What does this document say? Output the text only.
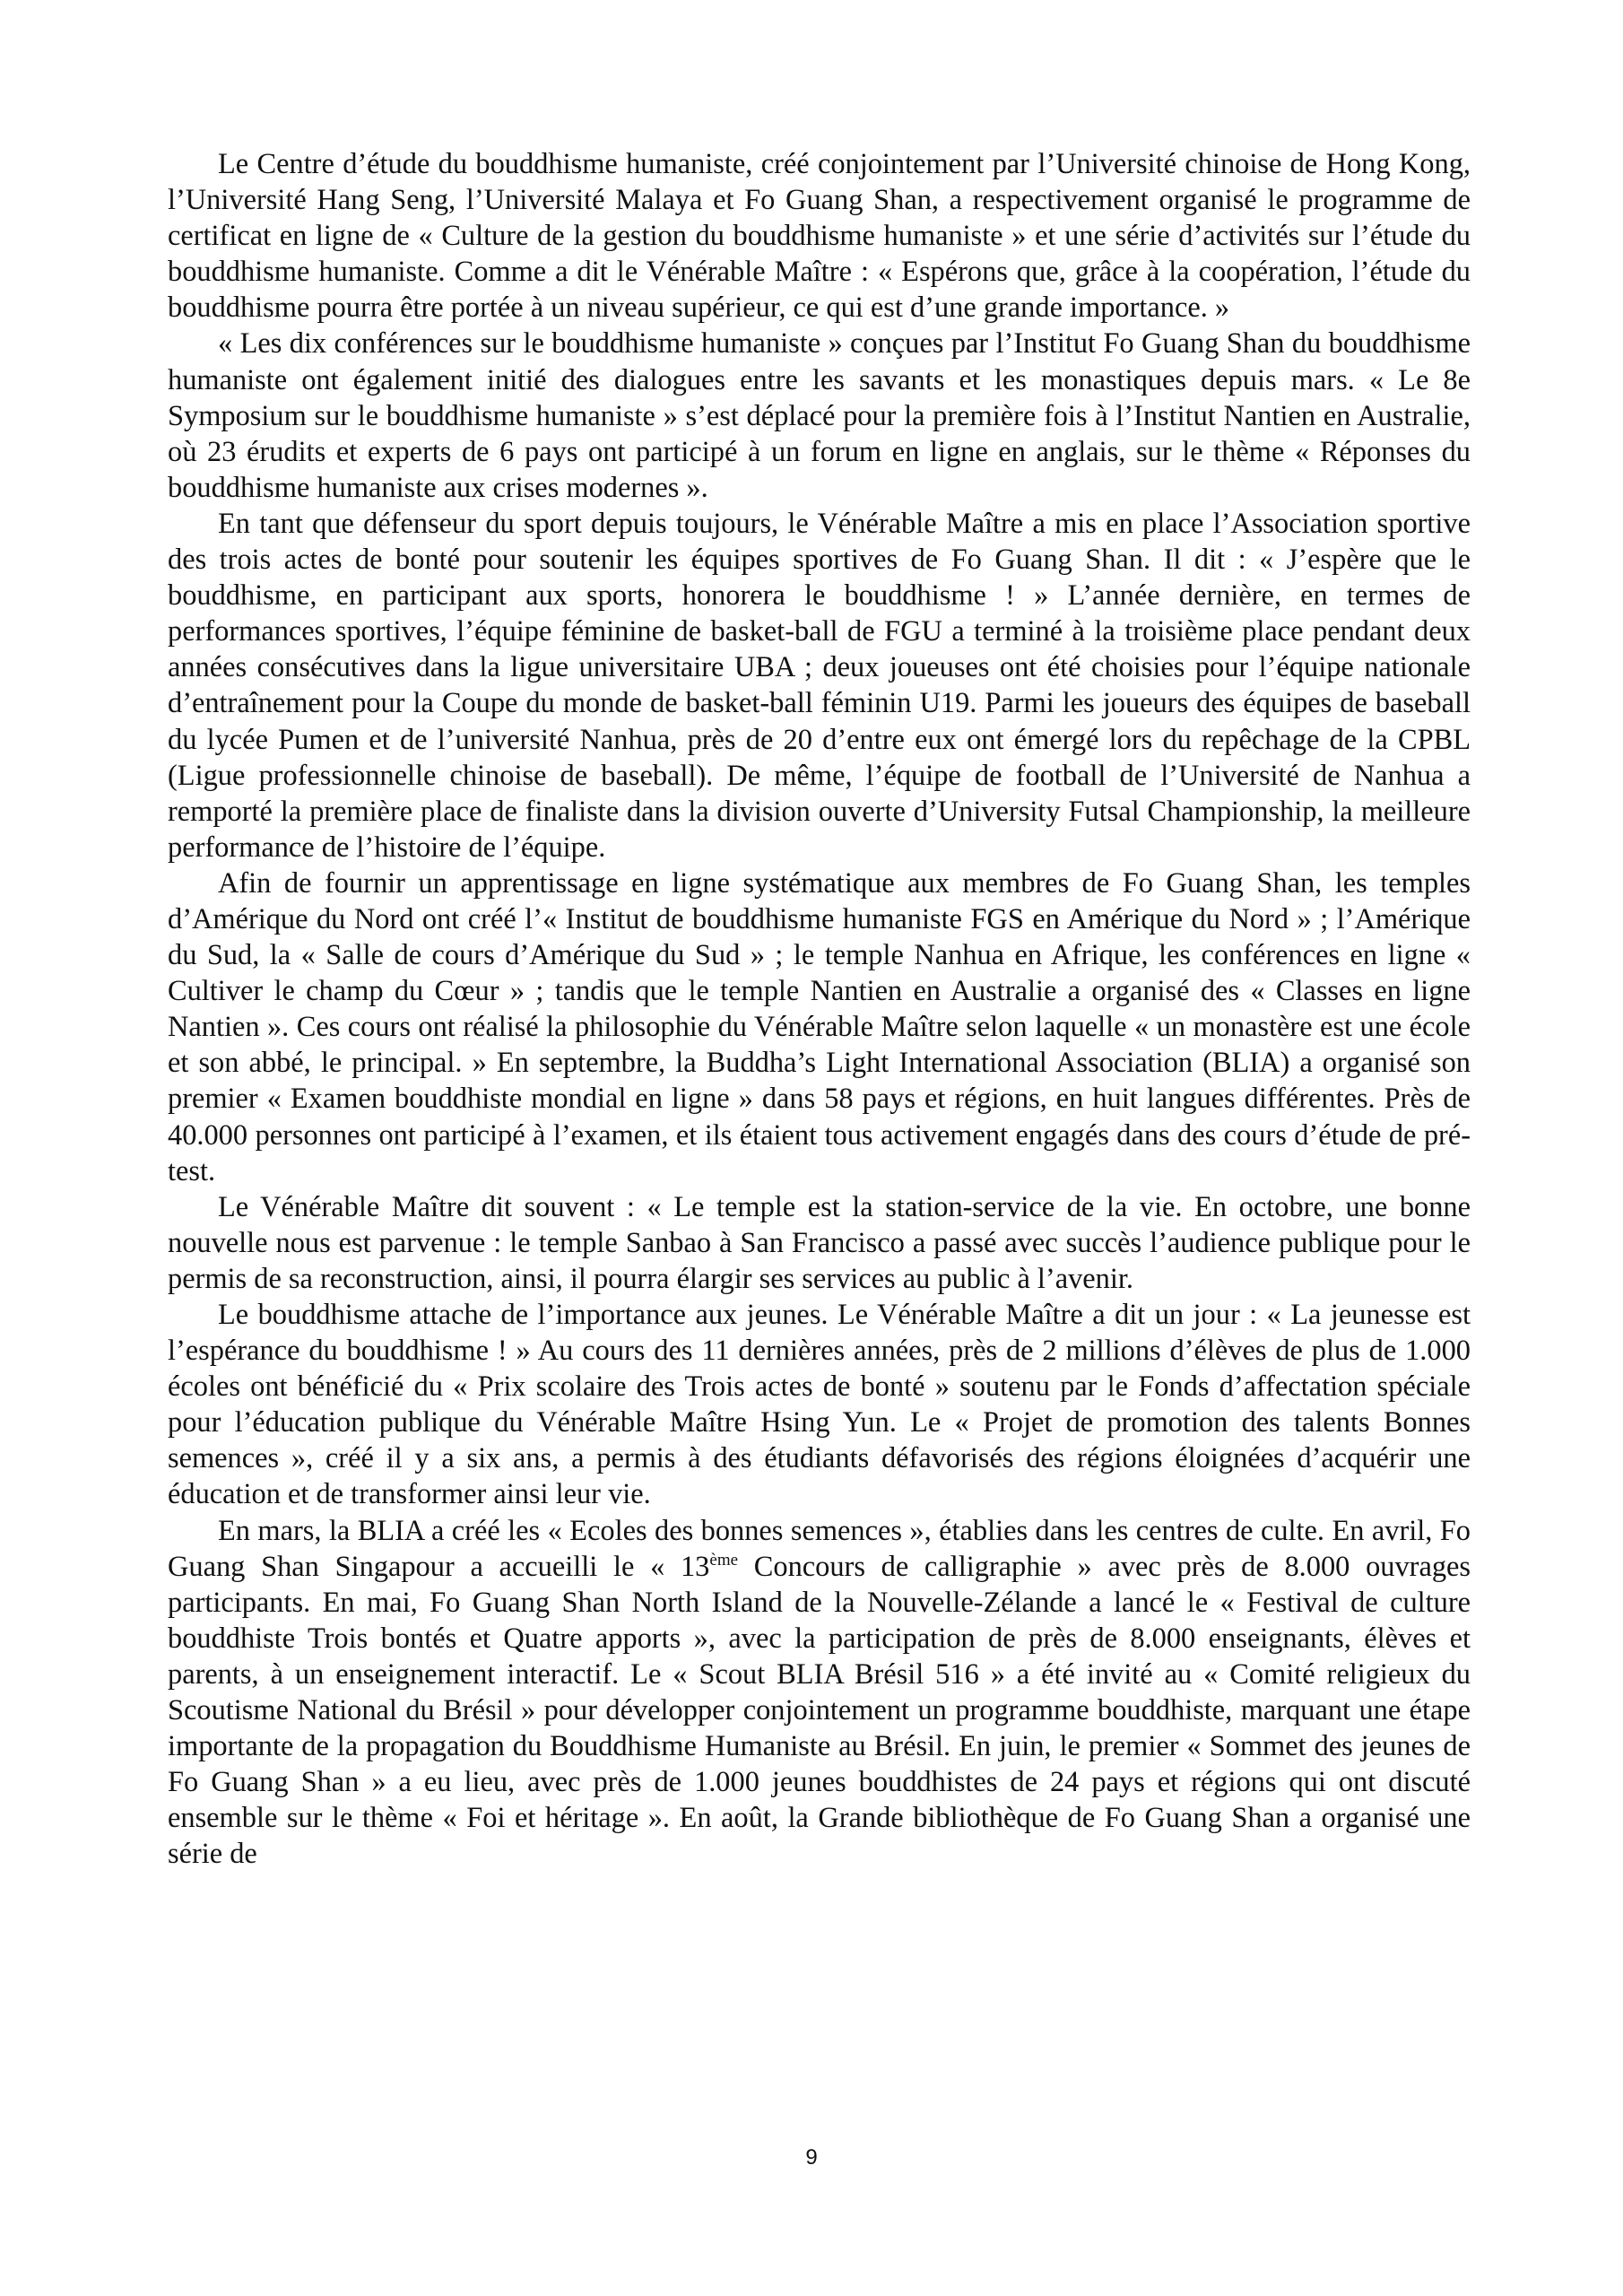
Le Centre d’étude du bouddhisme humaniste, créé conjointement par l’Université chinoise de Hong Kong, l’Université Hang Seng, l’Université Malaya et Fo Guang Shan, a respectivement organisé le programme de certificat en ligne de « Culture de la gestion du bouddhisme humaniste » et une série d’activités sur l’étude du bouddhisme humaniste. Comme a dit le Vénérable Maître : « Espérons que, grâce à la coopération, l’étude du bouddhisme pourra être portée à un niveau supérieur, ce qui est d’une grande importance. »

« Les dix conférences sur le bouddhisme humaniste » conçues par l’Institut Fo Guang Shan du bouddhisme humaniste ont également initié des dialogues entre les savants et les monastiques depuis mars. « Le 8e Symposium sur le bouddhisme humaniste » s’est déplacé pour la première fois à l’Institut Nantien en Australie, où 23 érudits et experts de 6 pays ont participé à un forum en ligne en anglais, sur le thème « Réponses du bouddhisme humaniste aux crises modernes ».

En tant que défenseur du sport depuis toujours, le Vénérable Maître a mis en place l’Association sportive des trois actes de bonté pour soutenir les équipes sportives de Fo Guang Shan. Il dit : « J’espère que le bouddhisme, en participant aux sports, honorera le bouddhisme ! » L’année dernière, en termes de performances sportives, l’équipe féminine de basket-ball de FGU a terminé à la troisième place pendant deux années consécutives dans la ligue universitaire UBA ; deux joueuses ont été choisies pour l’équipe nationale d’entraînement pour la Coupe du monde de basket-ball féminin U19. Parmi les joueurs des équipes de baseball du lycée Pumen et de l’université Nanhua, près de 20 d’entre eux ont émergé lors du repêchage de la CPBL (Ligue professionnelle chinoise de baseball). De même, l’équipe de football de l’Université de Nanhua a remporté la première place de finaliste dans la division ouverte d’University Futsal Championship, la meilleure performance de l’histoire de l’équipe.

Afin de fournir un apprentissage en ligne systématique aux membres de Fo Guang Shan, les temples d’Amérique du Nord ont créé l’« Institut de bouddhisme humaniste FGS en Amérique du Nord » ; l’Amérique du Sud, la « Salle de cours d’Amérique du Sud » ; le temple Nanhua en Afrique, les conférences en ligne « Cultiver le champ du Cœur » ; tandis que le temple Nantien en Australie a organisé des « Classes en ligne Nantien ». Ces cours ont réalisé la philosophie du Vénérable Maître selon laquelle « un monastère est une école et son abbé, le principal. » En septembre, la Buddha’s Light International Association (BLIA) a organisé son premier « Examen bouddhiste mondial en ligne » dans 58 pays et régions, en huit langues différentes. Près de 40.000 personnes ont participé à l’examen, et ils étaient tous activement engagés dans des cours d’étude de pré-test.

Le Vénérable Maître dit souvent : « Le temple est la station-service de la vie. En octobre, une bonne nouvelle nous est parvenue : le temple Sanbao à San Francisco a passé avec succès l’audience publique pour le permis de sa reconstruction, ainsi, il pourra élargir ses services au public à l’avenir.

Le bouddhisme attache de l’importance aux jeunes. Le Vénérable Maître a dit un jour : « La jeunesse est l’espérance du bouddhisme ! » Au cours des 11 dernières années, près de 2 millions d’élèves de plus de 1.000 écoles ont bénéficié du « Prix scolaire des Trois actes de bonté » soutenu par le Fonds d’affectation spéciale pour l’éducation publique du Vénérable Maître Hsing Yun. Le « Projet de promotion des talents Bonnes semences », créé il y a six ans, a permis à des étudiants défavorisés des régions éloignées d’acquérir une éducation et de transformer ainsi leur vie.

En mars, la BLIA a créé les « Ecoles des bonnes semences », établies dans les centres de culte. En avril, Fo Guang Shan Singapour a accueilli le « 13ème Concours de calligraphie » avec près de 8.000 ouvrages participants. En mai, Fo Guang Shan North Island de la Nouvelle-Zélande a lancé le « Festival de culture bouddhiste Trois bontés et Quatre apports », avec la participation de près de 8.000 enseignants, élèves et parents, à un enseignement interactif. Le « Scout BLIA Brésil 516 » a été invité au « Comité religieux du Scoutisme National du Brésil » pour développer conjointement un programme bouddhiste, marquant une étape importante de la propagation du Bouddhisme Humaniste au Brésil. En juin, le premier « Sommet des jeunes de Fo Guang Shan » a eu lieu, avec près de 1.000 jeunes bouddhistes de 24 pays et régions qui ont discuté ensemble sur le thème « Foi et héritage ». En août, la Grande bibliothèque de Fo Guang Shan a organisé une série de

9
